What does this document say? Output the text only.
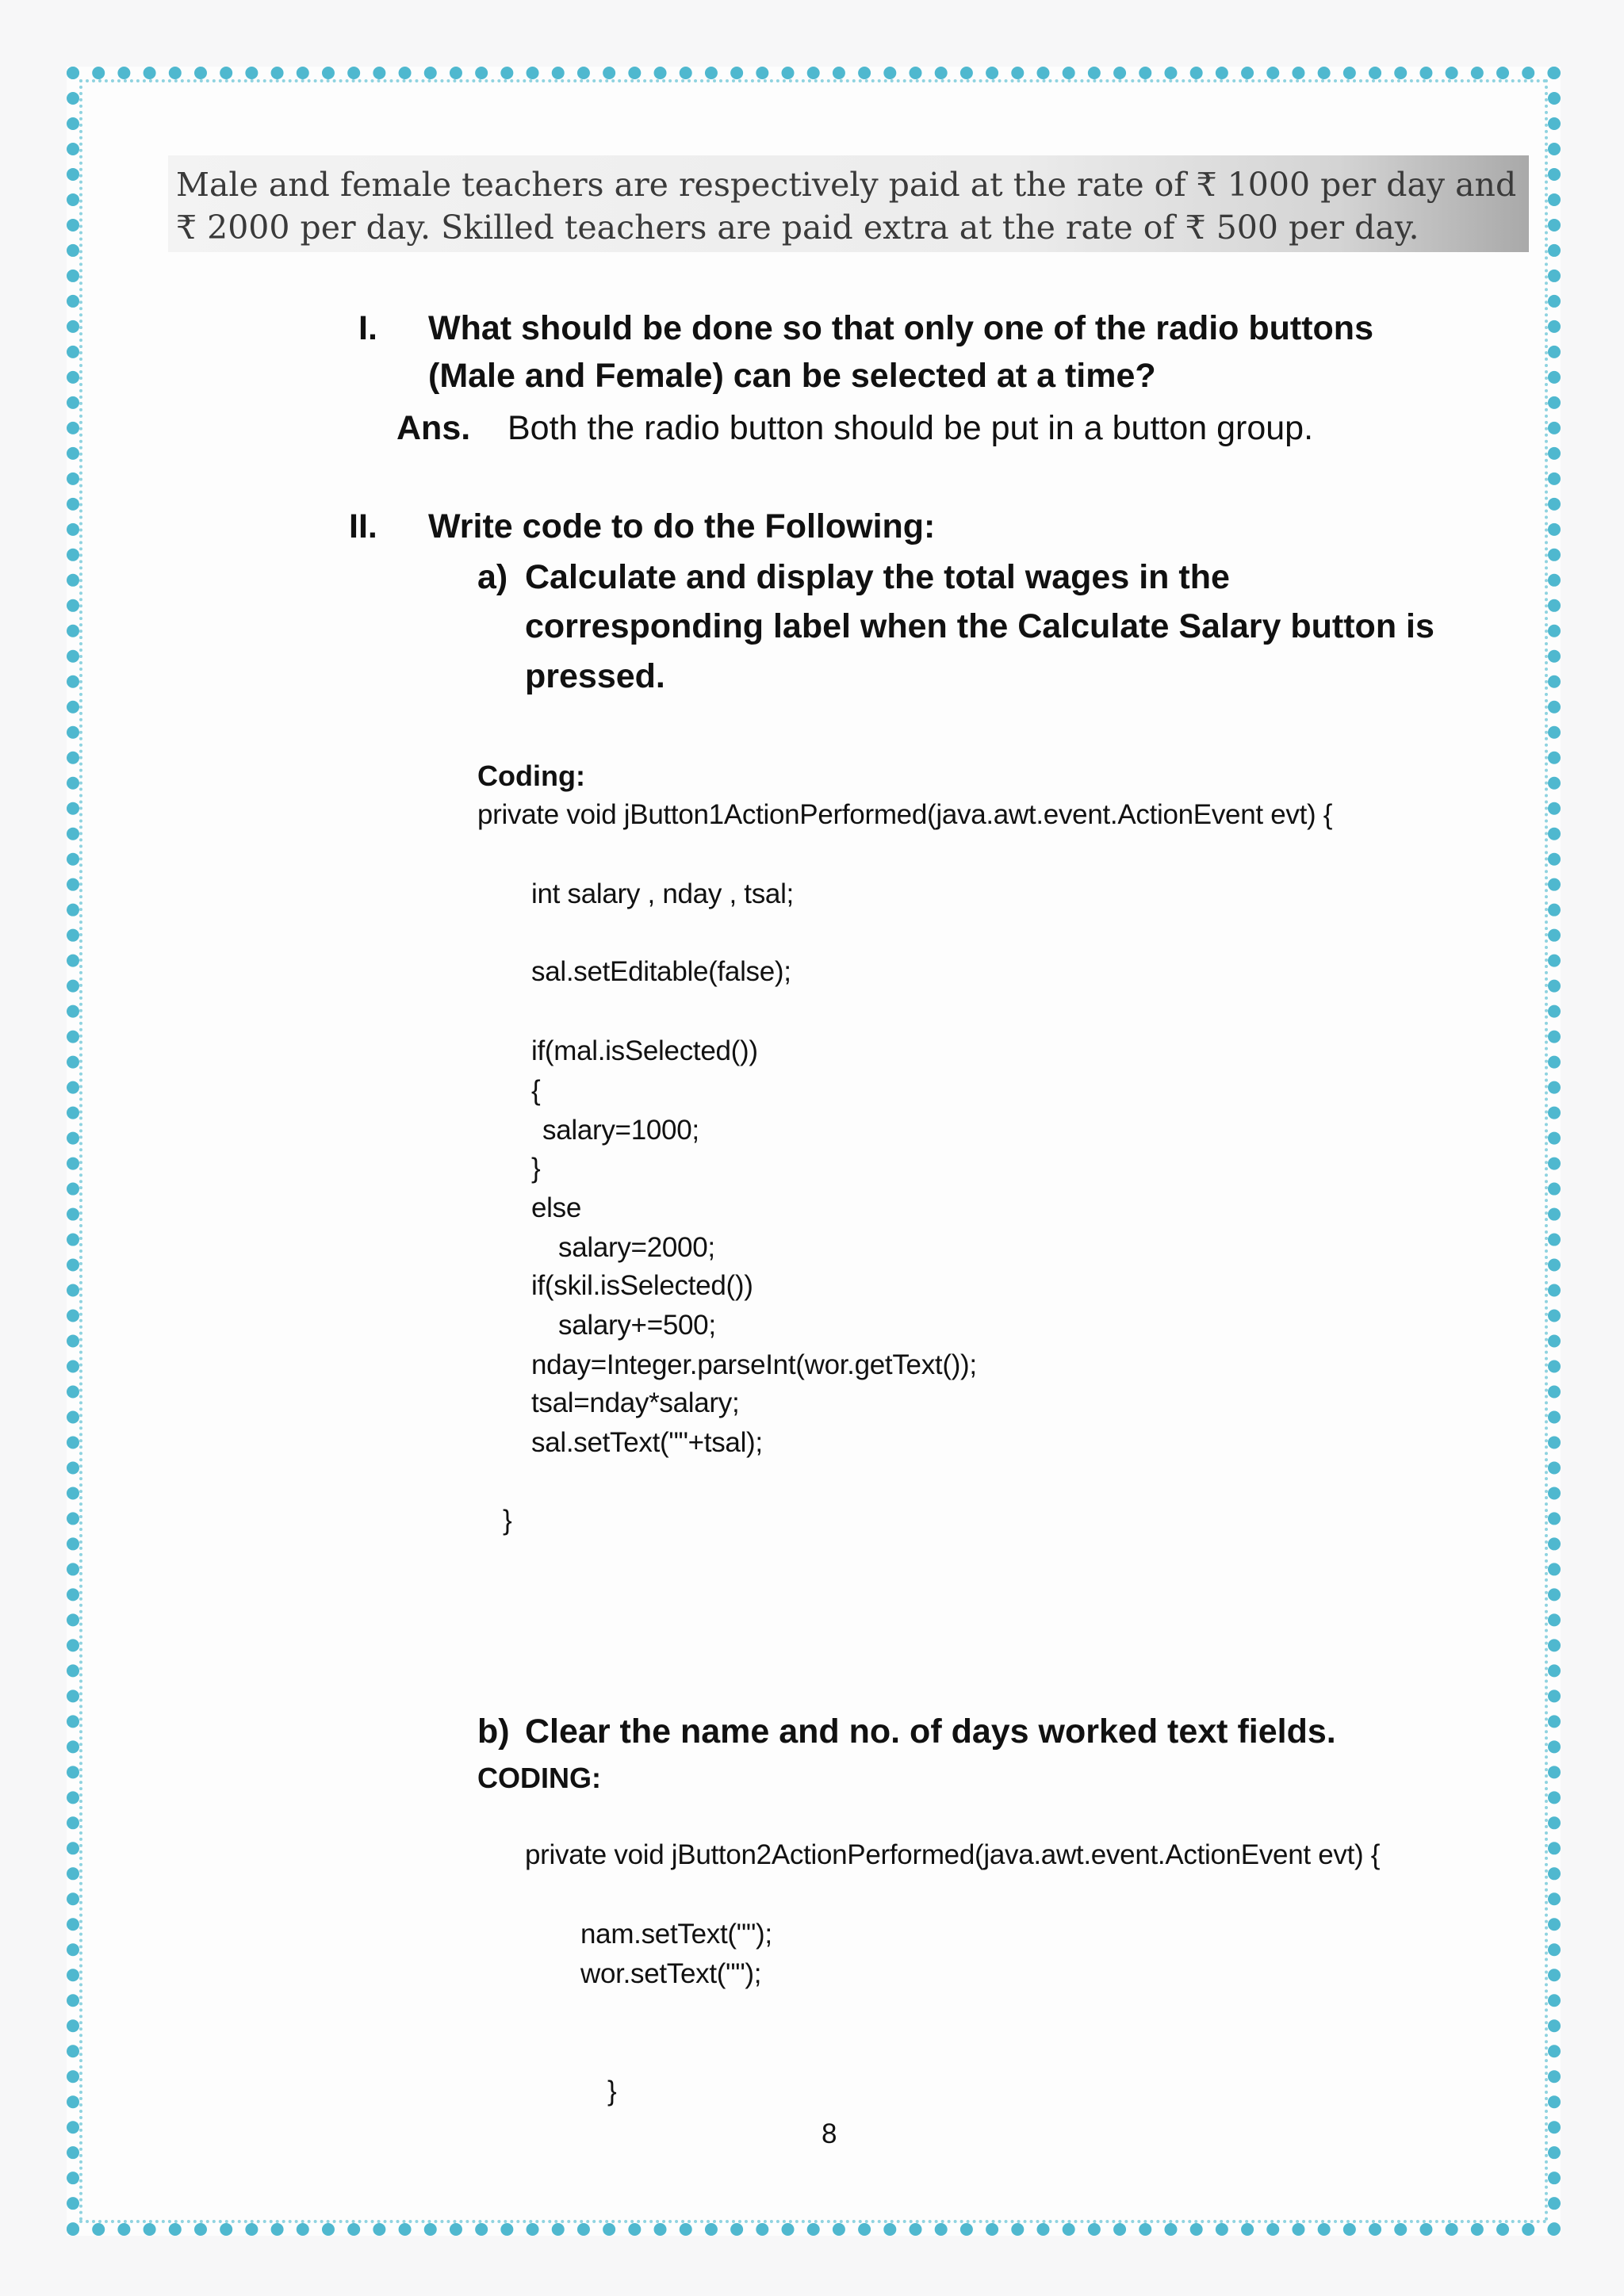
Male and female teachers are respectively paid at the rate of ₹ 1000 per day and
₹ 2000 per day. Skilled teachers are paid extra at the rate of ₹ 500 per day.
I. What should be done so that only one of the radio buttons
(Male and Female) can be selected at a time?
Ans. Both the radio button should be put in a button group.
II. Write code to do the Following:
a) Calculate and display the total wages in the
corresponding label when the Calculate Salary button is
pressed.
Coding:
private void jButton1ActionPerformed(java.awt.event.ActionEvent evt) {
int salary , nday , tsal;
sal.setEditable(false);
if(mal.isSelected())
{
salary=1000;
}
else
salary=2000;
if(skil.isSelected())
salary+=500;
nday=Integer.parseInt(wor.getText());
tsal=nday*salary;
sal.setText(""+tsal);
}
b) Clear the name and no. of days worked text fields.
CODING:
private void jButton2ActionPerformed(java.awt.event.ActionEvent evt) {
nam.setText("");
wor.setText("");
}
8
